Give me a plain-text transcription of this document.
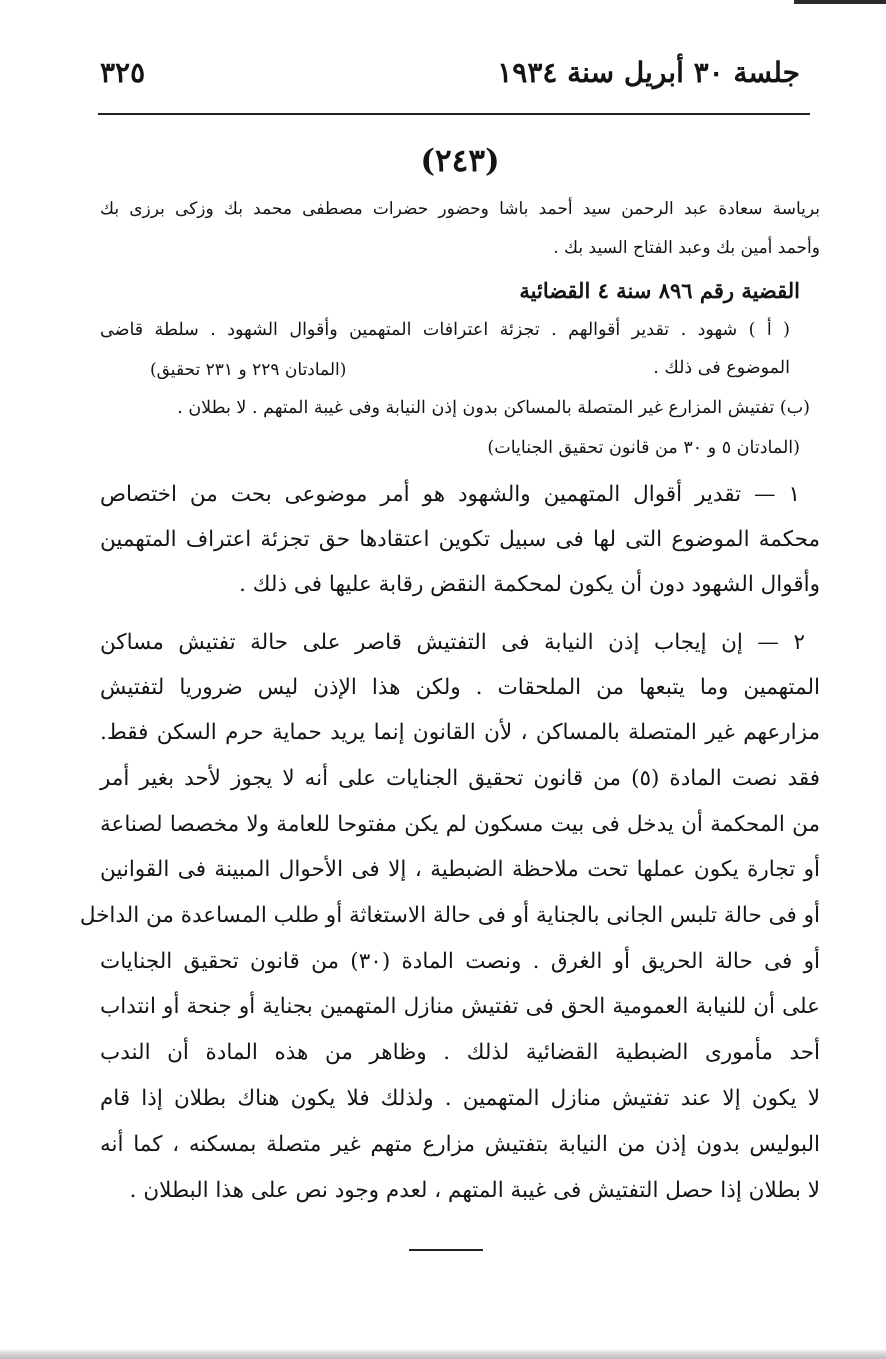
جلسة ٣٠ أبريل سنة ١٩٣٤
٣٢٥
(٢٤٣)
برياسة سعادة عبد الرحمن سيد أحمد باشا وحضور حضرات مصطفى محمد بك وزكى برزى بك
وأحمد أمين بك وعبد الفتاح السيد بك .
القضية رقم ٨٩٦ سنة ٤ القضائية
( أ ) شهود . تقدير أقوالهم . تجزئة اعترافات المتهمين وأقوال الشهود . سلطة قاضى
الموضوع فى ذلك .
(المادتان ٢٢٩ و ٢٣١ تحقيق)
(ب) تفتيش المزارع غير المتصلة بالمساكن بدون إذن النيابة وفى غيبة المتهم . لا بطلان .
(المادتان ٥ و ٣٠ من قانون تحقيق الجنايات)
١ — تقدير أقوال المتهمين والشهود هو أمر موضوعى بحت من اختصاص
محكمة الموضوع التى لها فى سبيل تكوين اعتقادها حق تجزئة اعتراف المتهمين
وأقوال الشهود دون أن يكون لمحكمة النقض رقابة عليها فى ذلك .
٢ — إن إيجاب إذن النيابة فى التفتيش قاصر على حالة تفتيش مساكن
المتهمين وما يتبعها من الملحقات . ولكن هذا الإذن ليس ضروريا لتفتيش
مزارعهم غير المتصلة بالمساكن ، لأن القانون إنما يريد حماية حرم السكن فقط.
فقد نصت المادة (٥) من قانون تحقيق الجنايات على أنه لا يجوز لأحد بغير أمر
من المحكمة أن يدخل فى بيت مسكون لم يكن مفتوحا للعامة ولا مخصصا لصناعة
أو تجارة يكون عملها تحت ملاحظة الضبطية ، إلا فى الأحوال المبينة فى القوانين
أو فى حالة تلبس الجانى بالجناية أو فى حالة الاستغاثة أو طلب المساعدة من الداخل
أو فى حالة الحريق أو الغرق . ونصت المادة (٣٠) من قانون تحقيق الجنايات
على أن للنيابة العمومية الحق فى تفتيش منازل المتهمين بجناية أو جنحة أو انتداب
أحد مأمورى الضبطية القضائية لذلك . وظاهر من هذه المادة أن الندب
لا يكون إلا عند تفتيش منازل المتهمين . ولذلك فلا يكون هناك بطلان إذا قام
البوليس بدون إذن من النيابة بتفتيش مزارع متهم غير متصلة بمسكنه ، كما أنه
لا بطلان إذا حصل التفتيش فى غيبة المتهم ، لعدم وجود نص على هذا البطلان .
